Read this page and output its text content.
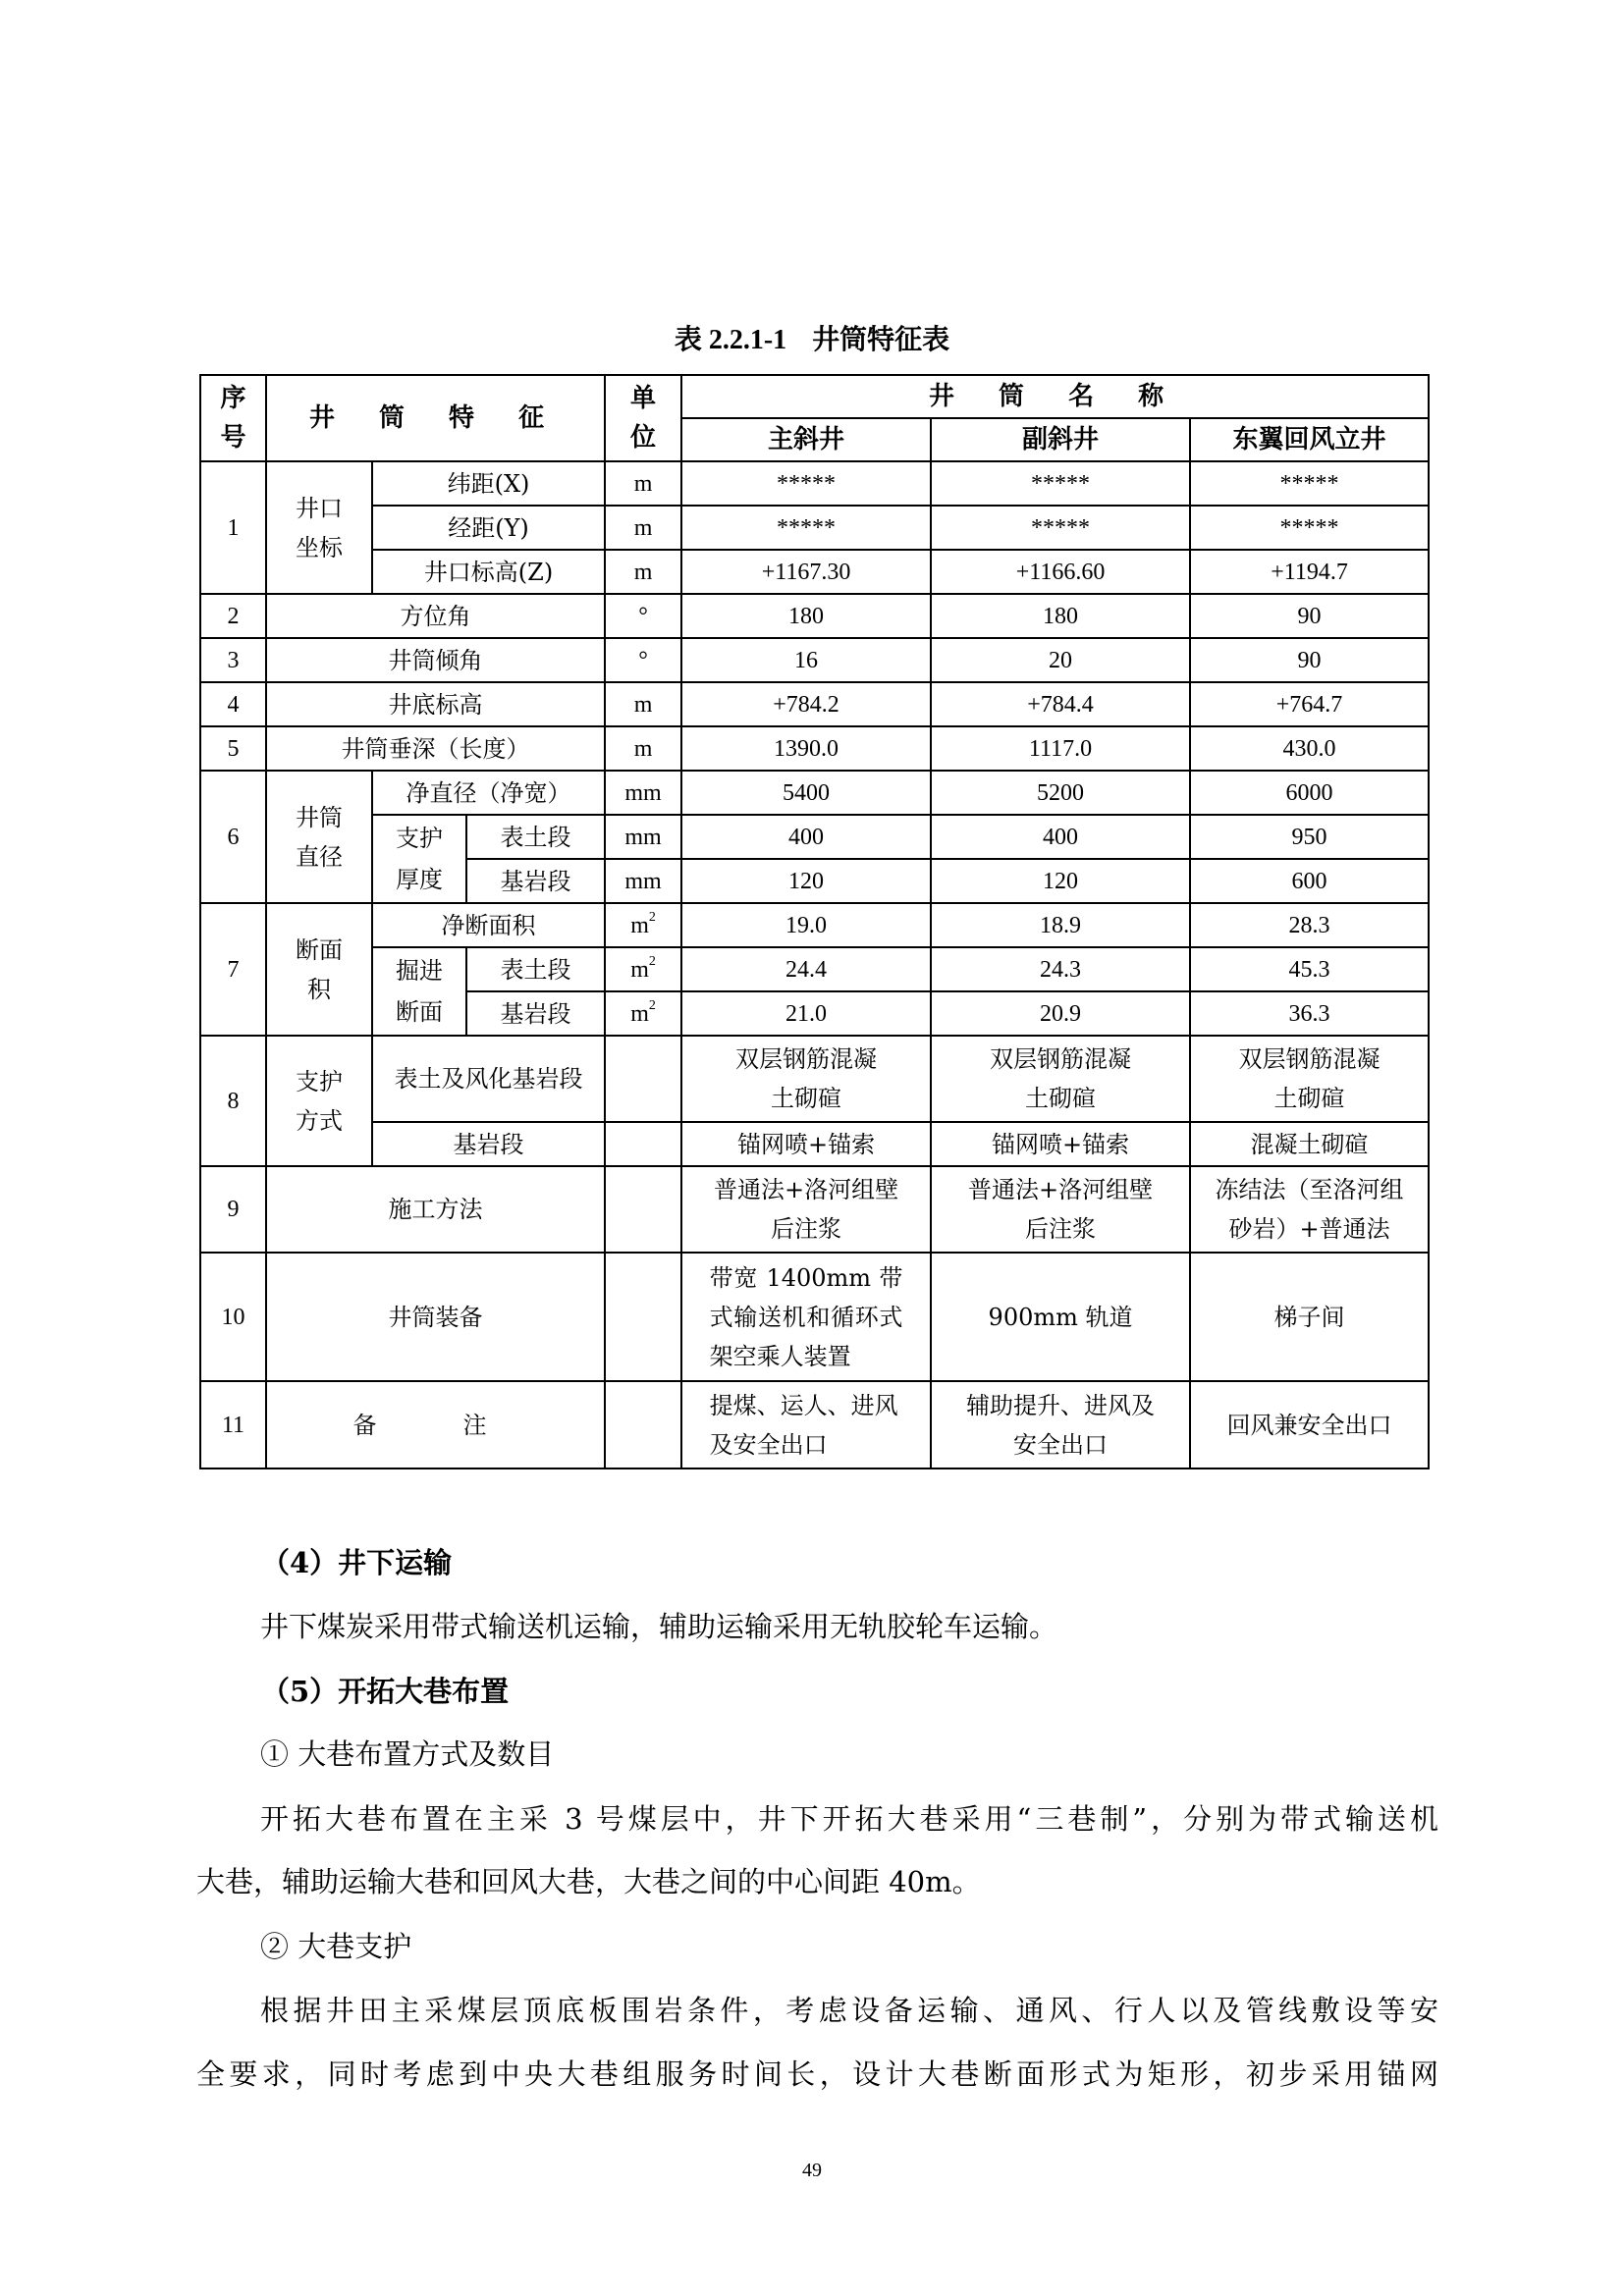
表 2.2.1-1 井筒特征表
序号	井 筒 特 征			单位	井 筒 名 称		
					主斜井	副斜井	东翼回风立井
1	井口坐标	纬距(X)		m	*****	*****	*****
		经距(Y)		m	*****	*****	*****
		井口标高(Z)		m	+1167.30	+1166.60	+1194.7
2	方位角			°	180	180	90
3	井筒倾角			°	16	20	90
4	井底标高			m	+784.2	+784.4	+764.7
5	井筒垂深（长度）			m	1390.0	1117.0	430.0
6	井筒直径	净直径（净宽）		mm	5400	5200	6000

		支护厚度	表土段	mm	400	400	950
			基岩段	mm	120	120	600
7	断面积	净断面积		$m^2$	19.0	18.9	28.3

		掘进断面	表土段	$m^2$	24.4	24.3	45.3
			基岩段	$m^2$	21.0	20.9	36.3
8	支护方式	表土及风化基岩段			双层钢筋混凝土砌碹	双层钢筋混凝土砌碹	双层钢筋混凝土砌碹

		基岩段			锚网喷+锚索	锚网喷+锚索	混凝土砌碹
9	施工方法				普通法+洛河组壁后注浆	普通法+洛河组壁后注浆	冻结法（至洛河组砂岩）+普通法

10	井筒装备				带宽 1400mm 带式输送机和循环式架空乘人装置	900mm 轨道	梯子间
11	备　注				提煤、运人、进风及安全出口	辅助提升、进风及安全出口	回风兼安全出口
（4）井下运输
井下煤炭采用带式输送机运输，辅助运输采用无轨胶轮车运输。
（5）开拓大巷布置
① 大巷布置方式及数目
开拓大巷布置在主采 3 号煤层中，井下开拓大巷采用“三巷制”，分别为带式输送机
大巷，辅助运输大巷和回风大巷，大巷之间的中心间距 40m。
② 大巷支护
根据井田主采煤层顶底板围岩条件，考虑设备运输、通风、行人以及管线敷设等安
全要求，同时考虑到中央大巷组服务时间长，设计大巷断面形式为矩形，初步采用锚网
49
